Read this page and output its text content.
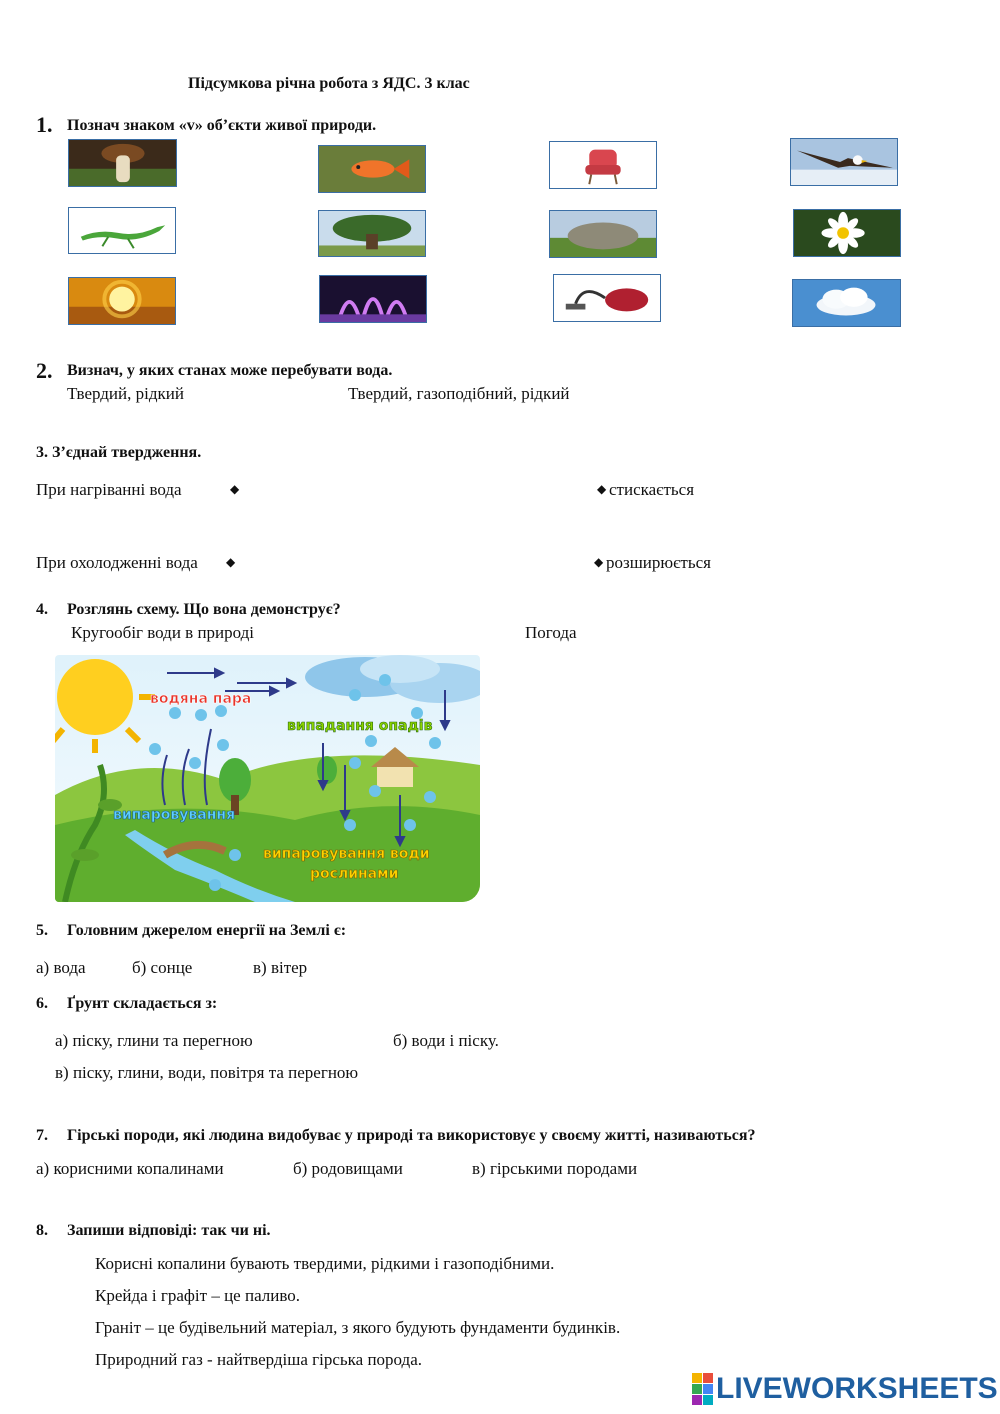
Підсумкова річна робота з ЯДС. 3 клас
1. Познач знаком «v» об’єкти живої природи.
2. Визнач, у яких станах може перебувати вода.
Твердий, рідкий	Твердий, газоподібний, рідкий
3. З’єднай твердження.
При нагріванні вода	◆	◆ стискається
При охолодженні вода ◆	◆ розширюється
4. Розглянь схему. Що вона демонструє?
Кругообіг води в природі	Погода
водяна пара
випадання опадів
випаровування
випаровування води
рослинами
5. Головним джерелом енергії на Землі є:
а) вода	б) сонце	в) вітер
6. Ґрунт складається з:
а) піску, глини та перегною	б) води і піску.
в) піску, глини, води, повітря та перегною
7. Гірські породи, які людина видобуває у природі та використовує у своєму житті, називаються?
а) корисними копалинами	б) родовищами	в) гірськими породами
8. Запиши відповіді: так чи ні.
Корисні копалини бувають твердими, рідкими і газоподібними.
Крейда і графіт – це паливо.
Граніт – це будівельний матеріал, з якого будують фундаменти будинків.
Природний газ - найтвердіша гірська порода.
LIVEWORKSHEETS
